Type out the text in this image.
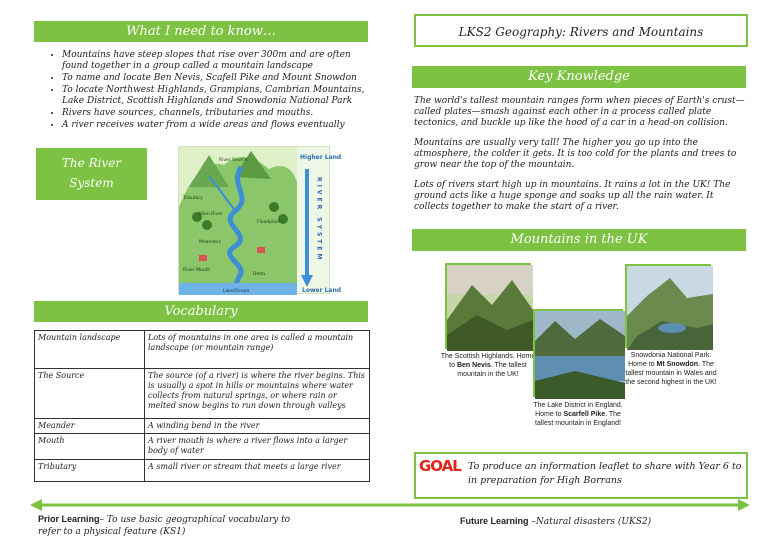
What I need to know…
• Mountains have steep slopes that rise over 300m and are often found together in a group called a mountain landscape
• To name and locate Ben Nevis, Scafell Pike and Mount Snowdon
• To locate Northwest Highlands, Grampians, Cambrian Mountains, Lake District, Scottish Highlands and Snowdonia National Park
• Rivers have sources, channels, tributaries and mouths.
• A river receives water from a wide areas and flows eventually
The River
System
Higher Land
Lower Land
RIVER SYSTEM
River Source
Tributary
Main River
Floodplain
Meanders
River Mouth
Delta
Lake/Ocean
Vocabulary
Mountain landscape	Lots of mountains in one area is called a mountain landscape (or mountain range)
The Source	The source (of a river) is where the river begins. This is usually a spot in hills or mountains where water collects from natural springs, or where rain or melted snow begins to run down through valleys
Meander	A winding bend in the river
Mouth	A river mouth is where a river flows into a larger body of water
Tributary	A small river or stream that meets a large river
LKS2 Geography: Rivers and Mountains
Key Knowledge

The world's tallest mountain ranges form when pieces of Earth's crust—called plates—smash against each other in a process called plate tectonics, and buckle up like the hood of a car in a head-on collision.

Mountains are usually very tall! The higher you go up into the atmosphere, the colder it gets. It is too cold for the plants and trees to grow near the top of the mountain.

Lots of rivers start high up in mountains. It rains a lot in the UK! The ground acts like a huge sponge and soaks up all the rain water. It collects together to make the start of a river.

Mountains in the UK
The Scottish Highlands. Home to Ben Nevis. The tallest mountain in the UK!
The Lake District in England. Home to Scarfell Pike. The tallest mountain in England!
Snowdonia National Park. Home to Mt Snowdon. The tallest mountain in Wales and the second highest in the UK!
GOAL To produce an information leaflet to share with Year 6 to in preparation for High Borrans
Prior Learning– To use basic geographical vocabulary to refer to a physical feature (KS1)
Future Learning –Natural disasters (UKS2)
